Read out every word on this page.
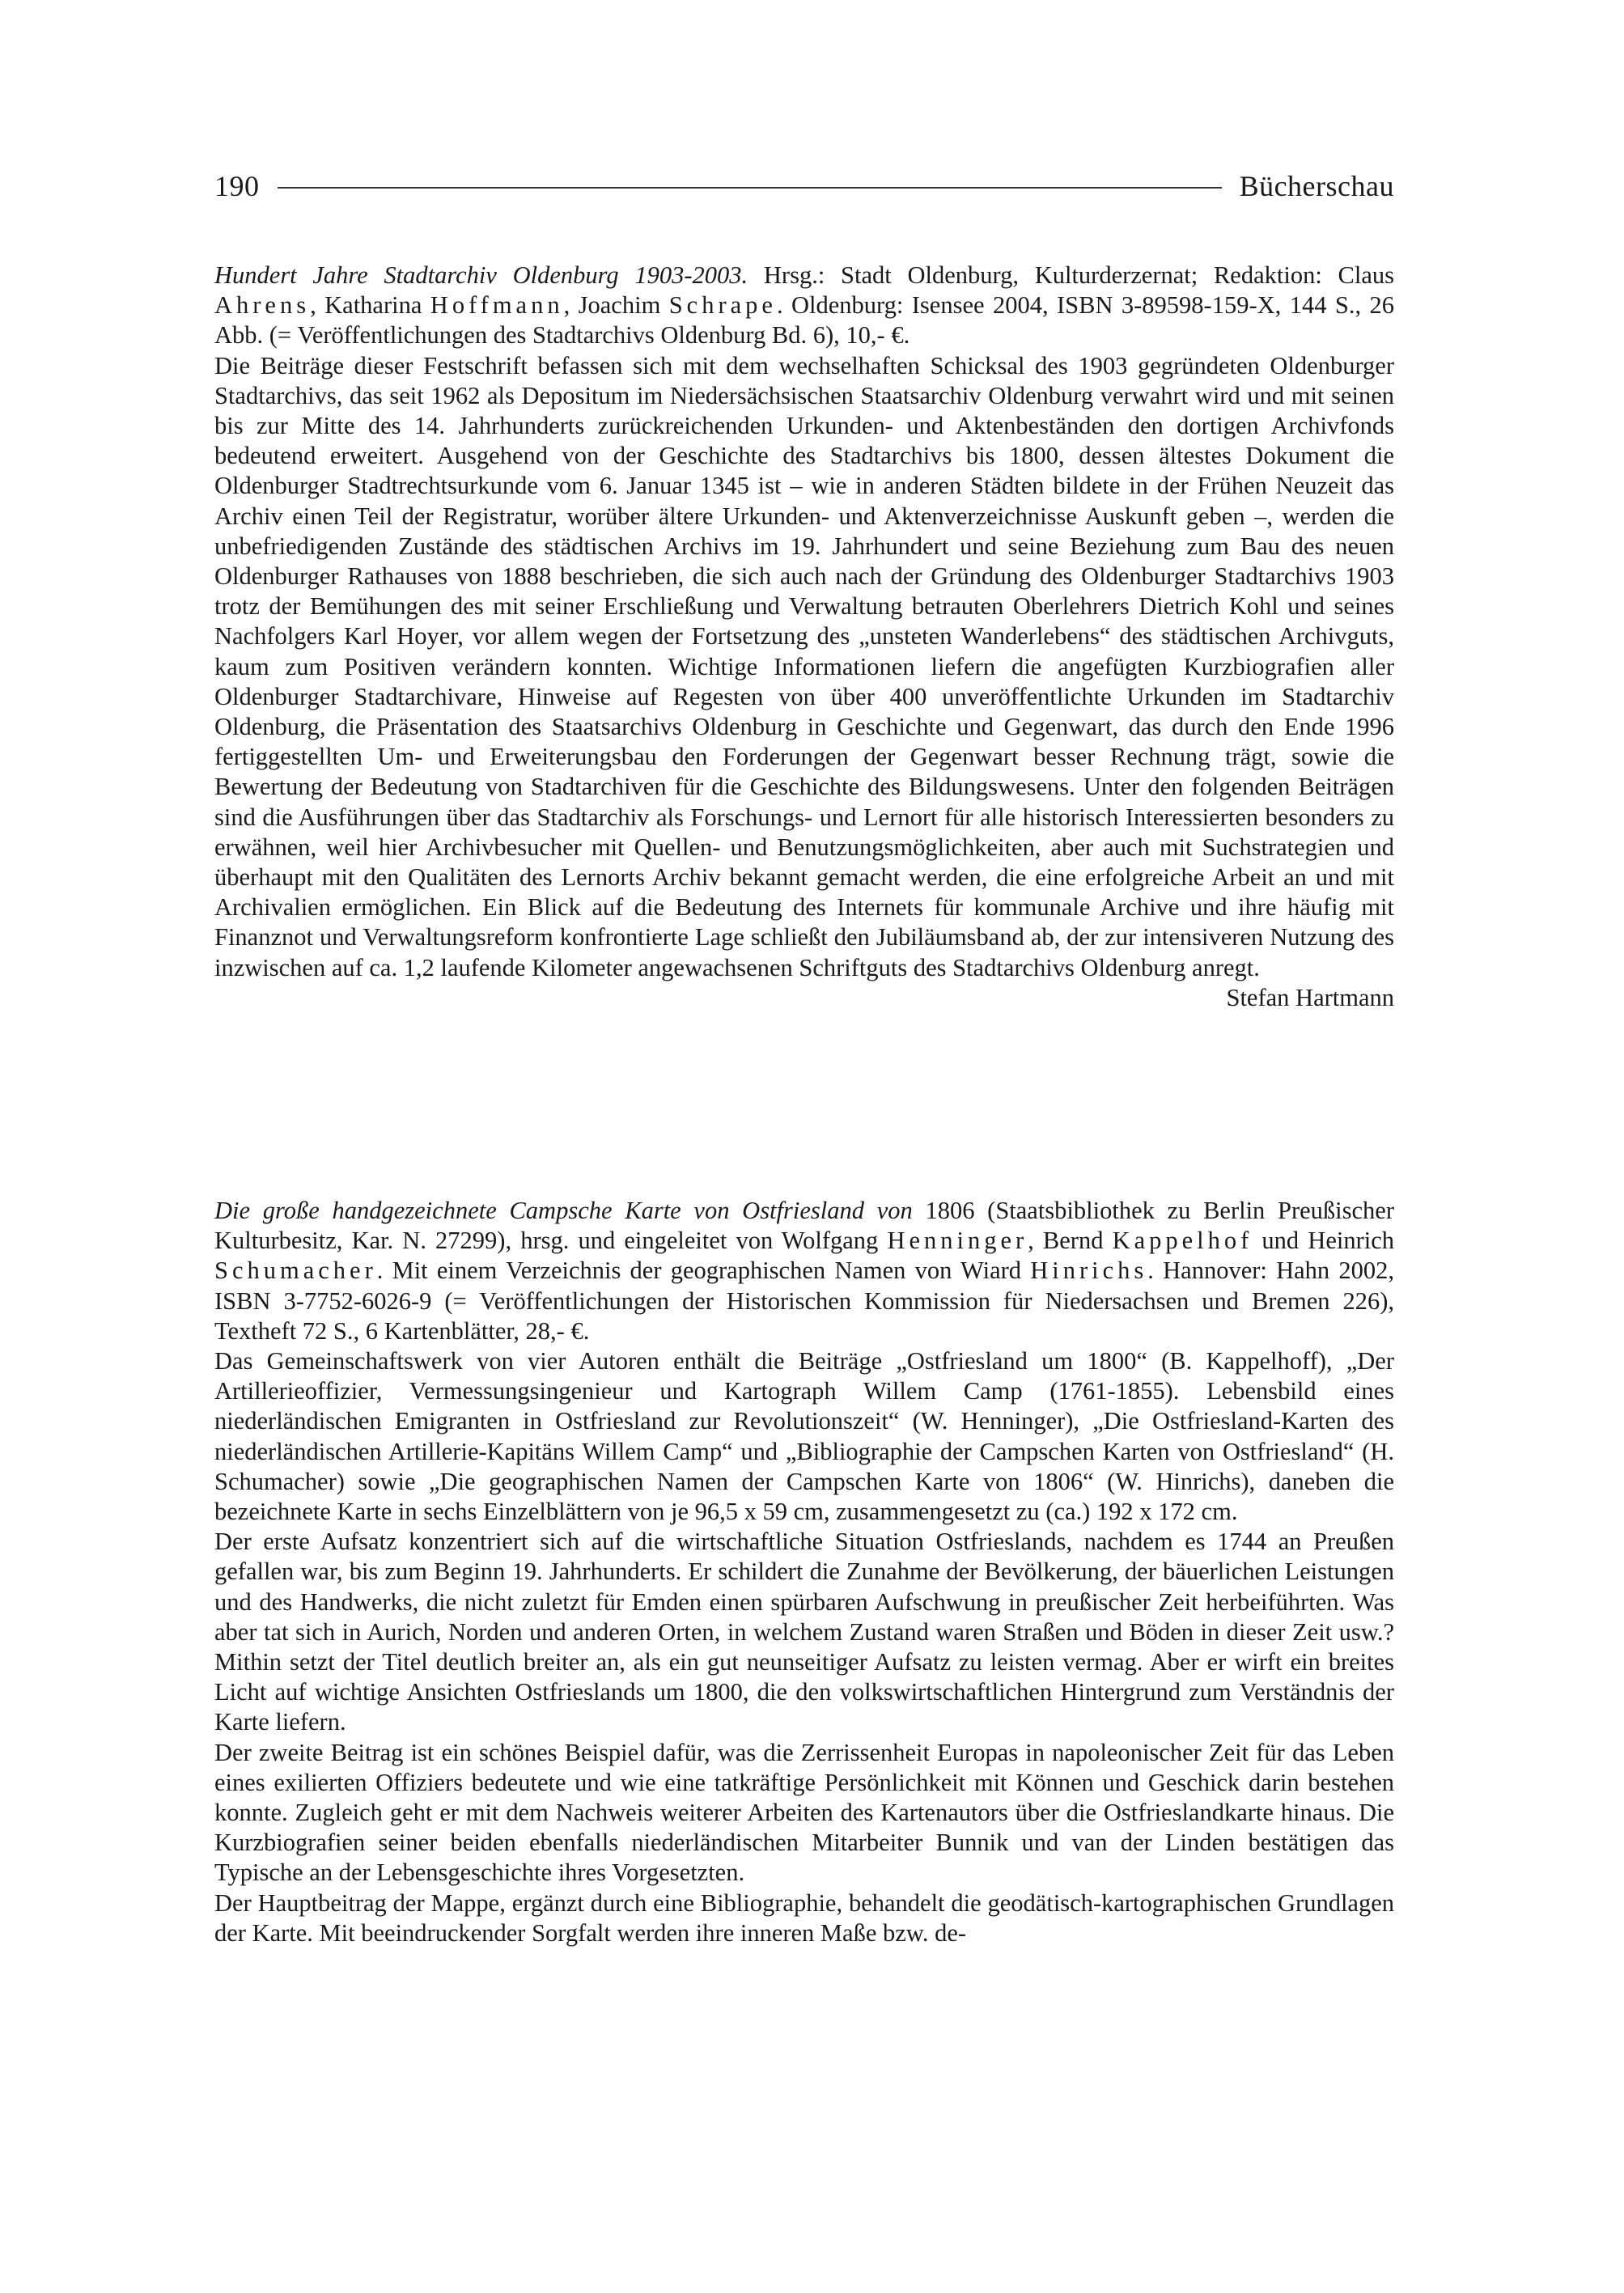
190	Bücherschau

Hundert Jahre Stadtarchiv Oldenburg 1903-2003. Hrsg.: Stadt Oldenburg, Kulturderzernat; Redaktion: Claus Ahrens, Katharina Hoffmann, Joachim Schrape. Oldenburg: Isensee 2004, ISBN 3-89598-159-X, 144 S., 26 Abb. (= Veröffentlichungen des Stadtarchivs Oldenburg Bd. 6), 10,- €.

Die Beiträge dieser Festschrift befassen sich mit dem wechselhaften Schicksal des 1903 gegründeten Oldenburger Stadtarchivs, das seit 1962 als Depositum im Niedersächsischen Staatsarchiv Oldenburg verwahrt wird und mit seinen bis zur Mitte des 14. Jahrhunderts zurückreichenden Urkunden- und Aktenbeständen den dortigen Archivfonds bedeutend erweitert. Ausgehend von der Geschichte des Stadtarchivs bis 1800, dessen ältestes Dokument die Oldenburger Stadtrechtsurkunde vom 6. Januar 1345 ist – wie in anderen Städten bildete in der Frühen Neuzeit das Archiv einen Teil der Registratur, worüber ältere Urkunden- und Aktenverzeichnisse Auskunft geben –, werden die unbefriedigenden Zustände des städtischen Archivs im 19. Jahrhundert und seine Beziehung zum Bau des neuen Oldenburger Rathauses von 1888 beschrieben, die sich auch nach der Gründung des Oldenburger Stadtarchivs 1903 trotz der Bemühungen des mit seiner Erschließung und Verwaltung betrauten Oberlehrers Dietrich Kohl und seines Nachfolgers Karl Hoyer, vor allem wegen der Fortsetzung des „unsteten Wanderlebens“ des städtischen Archivguts, kaum zum Positiven verändern konnten. Wichtige Informationen liefern die angefügten Kurzbiografien aller Oldenburger Stadtarchivare, Hinweise auf Regesten von über 400 unveröffentlichte Urkunden im Stadtarchiv Oldenburg, die Präsentation des Staatsarchivs Oldenburg in Geschichte und Gegenwart, das durch den Ende 1996 fertiggestellten Um- und Erweiterungsbau den Forderungen der Gegenwart besser Rechnung trägt, sowie die Bewertung der Bedeutung von Stadtarchiven für die Geschichte des Bildungswesens. Unter den folgenden Beiträgen sind die Ausführungen über das Stadtarchiv als Forschungs- und Lernort für alle historisch Interessierten besonders zu erwähnen, weil hier Archivbesucher mit Quellen- und Benutzungsmöglichkeiten, aber auch mit Suchstrategien und überhaupt mit den Qualitäten des Lernorts Archiv bekannt gemacht werden, die eine erfolgreiche Arbeit an und mit Archivalien ermöglichen. Ein Blick auf die Bedeutung des Internets für kommunale Archive und ihre häufig mit Finanznot und Verwaltungsreform konfrontierte Lage schließt den Jubiläumsband ab, der zur intensiveren Nutzung des inzwischen auf ca. 1,2 laufende Kilometer angewachsenen Schriftguts des Stadtarchivs Oldenburg anregt.

Stefan Hartmann

Die große handgezeichnete Campsche Karte von Ostfriesland von 1806 (Staatsbibliothek zu Berlin Preußischer Kulturbesitz, Kar. N. 27299), hrsg. und eingeleitet von Wolfgang Henninger, Bernd Kappelhof und Heinrich Schumacher. Mit einem Verzeichnis der geographischen Namen von Wiard Hinrichs. Hannover: Hahn 2002, ISBN 3-7752-6026-9 (= Veröffentlichungen der Historischen Kommission für Niedersachsen und Bremen 226), Textheft 72 S., 6 Kartenblätter, 28,- €.

Das Gemeinschaftswerk von vier Autoren enthält die Beiträge „Ostfriesland um 1800“ (B. Kappelhoff), „Der Artillerieoffizier, Vermessungsingenieur und Kartograph Willem Camp (1761-1855). Lebensbild eines niederländischen Emigranten in Ostfriesland zur Revolutionszeit“ (W. Henninger), „Die Ostfriesland-Karten des niederländischen Artillerie-Kapitäns Willem Camp“ und „Bibliographie der Campschen Karten von Ostfriesland“ (H. Schumacher) sowie „Die geographischen Namen der Campschen Karte von 1806“ (W. Hinrichs), daneben die bezeichnete Karte in sechs Einzelblättern von je 96,5 x 59 cm, zusammengesetzt zu (ca.) 192 x 172 cm.

Der erste Aufsatz konzentriert sich auf die wirtschaftliche Situation Ostfrieslands, nachdem es 1744 an Preußen gefallen war, bis zum Beginn 19. Jahrhunderts. Er schildert die Zunahme der Bevölkerung, der bäuerlichen Leistungen und des Handwerks, die nicht zuletzt für Emden einen spürbaren Aufschwung in preußischer Zeit herbeiführten. Was aber tat sich in Aurich, Norden und anderen Orten, in welchem Zustand waren Straßen und Böden in dieser Zeit usw.? Mithin setzt der Titel deutlich breiter an, als ein gut neunseitiger Aufsatz zu leisten vermag. Aber er wirft ein breites Licht auf wichtige Ansichten Ostfrieslands um 1800, die den volkswirtschaftlichen Hintergrund zum Verständnis der Karte liefern.

Der zweite Beitrag ist ein schönes Beispiel dafür, was die Zerrissenheit Europas in napoleonischer Zeit für das Leben eines exilierten Offiziers bedeutete und wie eine tatkräftige Persönlichkeit mit Können und Geschick darin bestehen konnte. Zugleich geht er mit dem Nachweis weiterer Arbeiten des Kartenautors über die Ostfrieslandkarte hinaus. Die Kurzbiografien seiner beiden ebenfalls niederländischen Mitarbeiter Bunnik und van der Linden bestätigen das Typische an der Lebensgeschichte ihres Vorgesetzten.

Der Hauptbeitrag der Mappe, ergänzt durch eine Bibliographie, behandelt die geodätisch-kartographischen Grundlagen der Karte. Mit beeindruckender Sorgfalt werden ihre inneren Maße bzw. de-
